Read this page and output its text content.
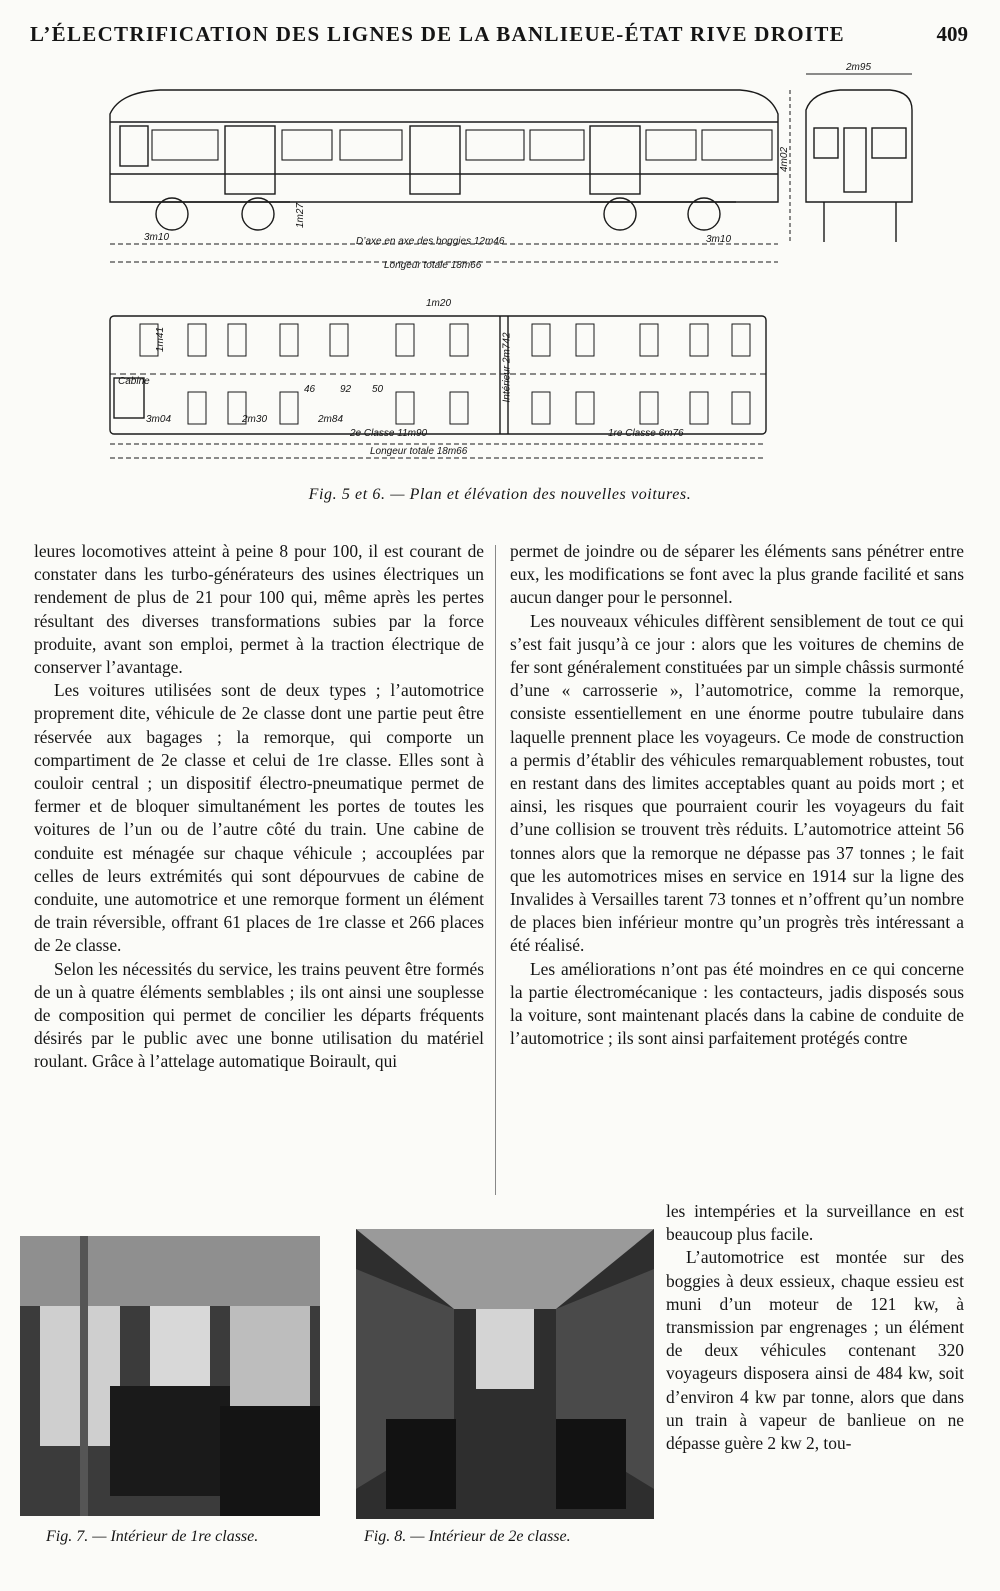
L’ÉLECTRIFICATION DES LIGNES DE LA BANLIEUE-ÉTAT RIVE DROITE	409
2m95
4m02
1m27
3m10	D’axe en axe des boggies 12m46	3m10
Longeur totale 18m66
1m20
Cabine
1m41	Intérieur 2m742
46 92 50
3m04	2m30	2m84
2e Classe 11m90	1re Classe 6m76
Longeur totale 18m66
Fig. 5 et 6. — Plan et élévation des nouvelles voitures.

leures locomotives atteint à peine 8 pour 100, il est courant de constater dans les turbo-générateurs des usines électriques un rendement de plus de 21 pour 100 qui, même après les pertes résultant des diverses transformations subies par la force produite, avant son emploi, permet à la traction électrique de conserver l’avantage.

Les voitures utilisées sont de deux types ; l’automotrice proprement dite, véhicule de 2e classe dont une partie peut être réservée aux bagages ; la remorque, qui comporte un compartiment de 2e classe et celui de 1re classe. Elles sont à couloir central ; un dispositif électro-pneumatique permet de fermer et de bloquer simultanément les portes de toutes les voitures de l’un ou de l’autre côté du train. Une cabine de conduite est ménagée sur chaque véhicule ; accouplées par celles de leurs extrémités qui sont dépourvues de cabine de conduite, une automotrice et une remorque forment un élément de train réversible, offrant 61 places de 1re classe et 266 places de 2e classe.

Selon les nécessités du service, les trains peuvent être formés de un à quatre éléments semblables ; ils ont ainsi une souplesse de composition qui permet de concilier les départs fréquents désirés par le public avec une bonne utilisation du matériel roulant. Grâce à l’attelage automatique Boirault, qui

permet de joindre ou de séparer les éléments sans pénétrer entre eux, les modifications se font avec la plus grande facilité et sans aucun danger pour le personnel.

Les nouveaux véhicules diffèrent sensiblement de tout ce qui s’est fait jusqu’à ce jour : alors que les voitures de chemins de fer sont généralement constituées par un simple châssis surmonté d’une « carrosserie », l’automotrice, comme la remorque, consiste essentiellement en une énorme poutre tubulaire dans laquelle prennent place les voyageurs. Ce mode de construction a permis d’établir des véhicules remarquablement robustes, tout en restant dans des limites acceptables quant au poids mort ; et ainsi, les risques que pourraient courir les voyageurs du fait d’une collision se trouvent très réduits. L’automotrice atteint 56 tonnes alors que la remorque ne dépasse pas 37 tonnes ; le fait que les automotrices mises en service en 1914 sur la ligne des Invalides à Versailles tarent 73 tonnes et n’offrent qu’un nombre de places bien inférieur montre qu’un progrès très intéressant a été réalisé.

Les améliorations n’ont pas été moindres en ce qui concerne la partie électromécanique : les contacteurs, jadis disposés sous la voiture, sont maintenant placés dans la cabine de conduite de l’automotrice ; ils sont ainsi parfaitement protégés contre

les intempéries et la surveillance en est beaucoup plus facile.

L’automotrice est montée sur des boggies à deux essieux, chaque essieu est muni d’un moteur de 121 kw, à transmission par engrenages ; un élément de deux véhicules contenant 320 voyageurs disposera ainsi de 484 kw, soit d’environ 4 kw par tonne, alors que dans un train à vapeur de banlieue on ne dépasse guère 2 kw 2, tou-

Fig. 7. — Intérieur de 1re classe.	Fig. 8. — Intérieur de 2e classe.
